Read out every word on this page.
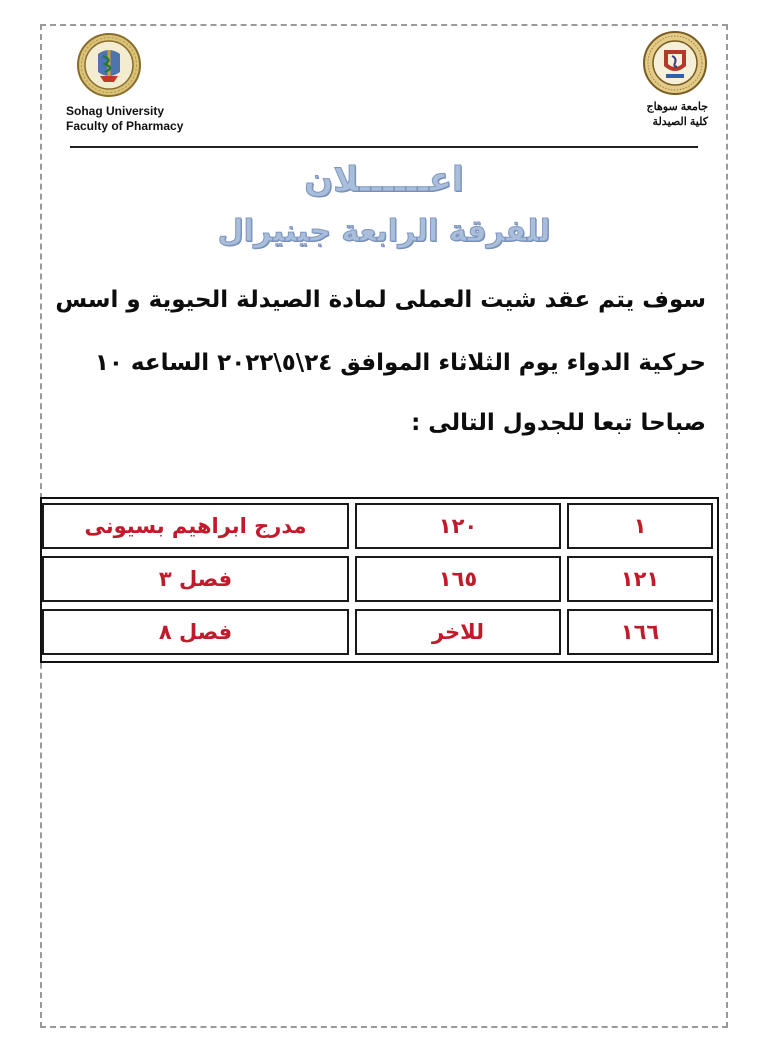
Sohag University
Faculty of Pharmacy
جامعة سوهاج
كلية الصيدلة
اعــــــلان
للفرقة الرابعة جينيرال
سوف يتم عقد شيت العملى لمادة الصيدلة الحيوية و اسس
حركية الدواء يوم الثلاثاء الموافق ٢٤\٥\٢٠٢٢ الساعه ١٠
صباحا تبعا للجدول التالى :
١
١٢٠
مدرج ابراهيم بسيونى
١٢١
١٦٥
فصل ٣
١٦٦
للاخر
فصل ٨
